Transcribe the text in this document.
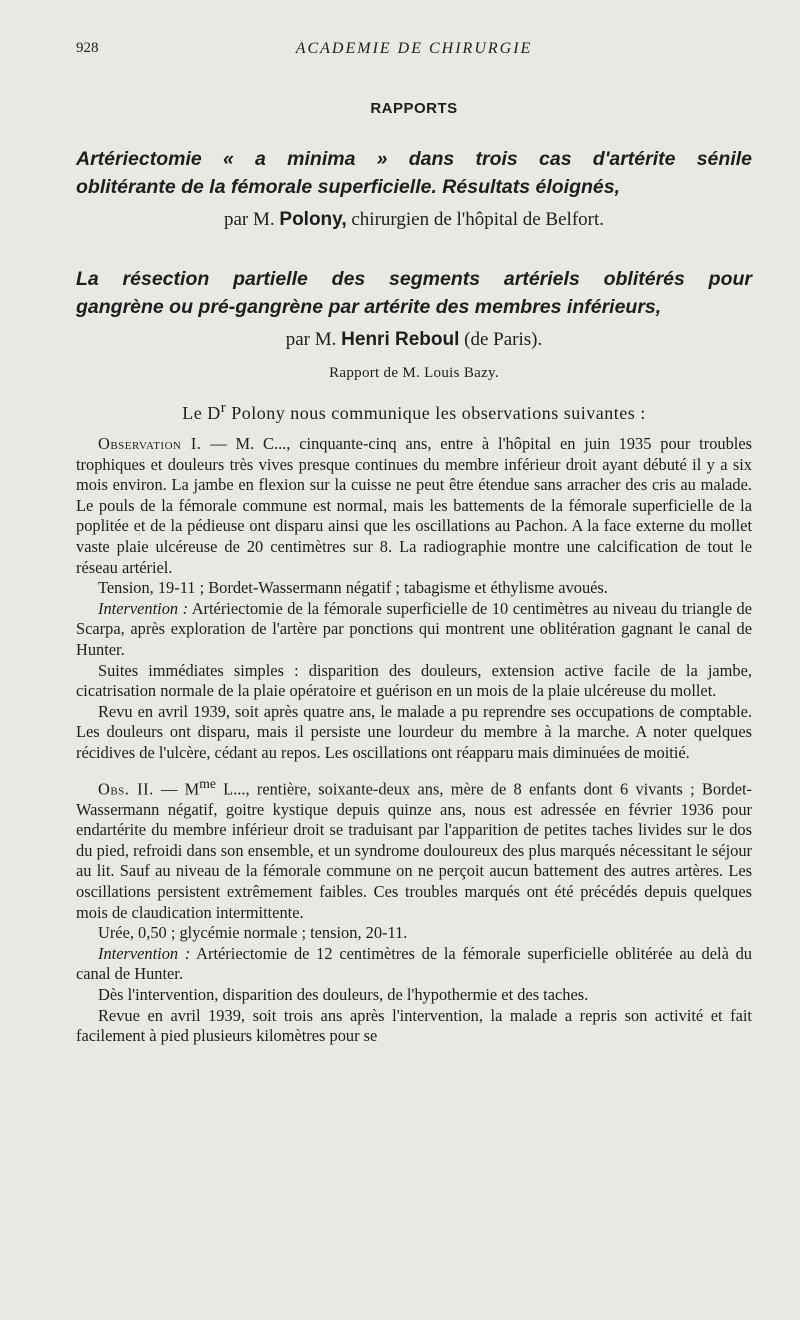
928	ACADEMIE DE CHIRURGIE
RAPPORTS

Artériectomie « a minima » dans trois cas d'artérite sénile

oblitérante de la fémorale superficielle. Résultats éloignés,

par M. Polony, chirurgien de l'hôpital de Belfort.

La résection partielle des segments artériels oblitérés pour

gangrène ou pré-gangrène par artérite des membres inférieurs,

par M. Henri Reboul (de Paris).
Rapport de M. Louis Bazy.
Le $D^r$ Polony nous communique les observations suivantes :

Observation I. — M. C..., cinquante-cinq ans, entre à l'hôpital en juin 1935 pour troubles trophiques et douleurs très vives presque continues du membre inférieur droit ayant débuté il y a six mois environ. La jambe en flexion sur la cuisse ne peut être étendue sans arracher des cris au malade. Le pouls de la fémorale commune est normal, mais les battements de la fémorale superficielle de la poplitée et de la pédieuse ont disparu ainsi que les oscillations au Pachon. A la face externe du mollet vaste plaie ulcéreuse de 20 centimètres sur 8. La radiographie montre une calcification de tout le réseau artériel.

Tension, 19-11 ; Bordet-Wassermann négatif ; tabagisme et éthylisme avoués.

Intervention : Artériectomie de la fémorale superficielle de 10 centimètres au niveau du triangle de Scarpa, après exploration de l'artère par ponctions qui montrent une oblitération gagnant le canal de Hunter.

Suites immédiates simples : disparition des douleurs, extension active facile de la jambe, cicatrisation normale de la plaie opératoire et guérison en un mois de la plaie ulcéreuse du mollet.

Revu en avril 1939, soit après quatre ans, le malade a pu reprendre ses occupations de comptable. Les douleurs ont disparu, mais il persiste une lourdeur du membre à la marche. A noter quelques récidives de l'ulcère, cédant au repos. Les oscillations ont réapparu mais diminuées de moitié.

Obs. II. — $M^{me}$ L..., rentière, soixante-deux ans, mère de 8 enfants dont 6 vivants ; Bordet-Wassermann négatif, goitre kystique depuis quinze ans, nous est adressée en février 1936 pour endartérite du membre inférieur droit se traduisant par l'apparition de petites taches livides sur le dos du pied, refroidi dans son ensemble, et un syndrome douloureux des plus marqués nécessitant le séjour au lit. Sauf au niveau de la fémorale commune on ne perçoit aucun battement des autres artères. Les oscillations persistent extrêmement faibles. Ces troubles marqués ont été précédés depuis quelques mois de claudication intermittente.

Urée, 0,50 ; glycémie normale ; tension, 20-11.

Intervention : Artériectomie de 12 centimètres de la fémorale superficielle oblitérée au delà du canal de Hunter.

Dès l'intervention, disparition des douleurs, de l'hypothermie et des taches.

Revue en avril 1939, soit trois ans après l'intervention, la malade a repris son activité et fait facilement à pied plusieurs kilomètres pour se
